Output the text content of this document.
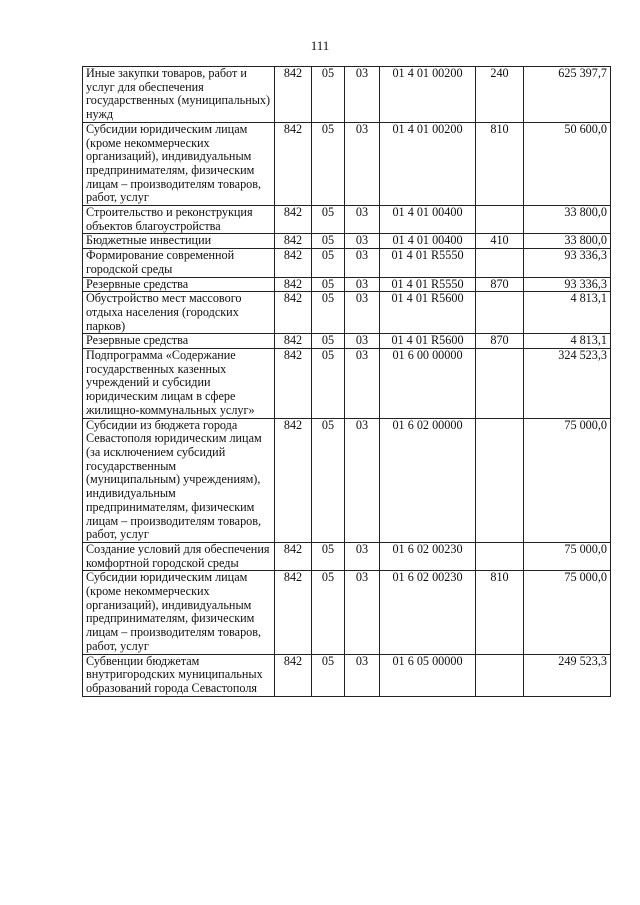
111
Иные закупки товаров, работ и услуг для обеспечения государственных (муниципальных) нужд	842	05	03	01 4 01 00200	240	625 397,7
Субсидии юридическим лицам (кроме некоммерческих организаций), индивидуальным предпринимателям, физическим лицам – производителям товаров, работ, услуг	842	05	03	01 4 01 00200	810	50 600,0
Строительство и реконструкция объектов благоустройства	842	05	03	01 4 01 00400		33 800,0
Бюджетные инвестиции	842	05	03	01 4 01 00400	410	33 800,0
Формирование современной городской среды	842	05	03	01 4 01 R5550		93 336,3
Резервные средства	842	05	03	01 4 01 R5550	870	93 336,3
Обустройство мест массового отдыха населения (городских парков)	842	05	03	01 4 01 R5600		4 813,1
Резервные средства	842	05	03	01 4 01 R5600	870	4 813,1
Подпрограмма «Содержание государственных казенных учреждений и субсидии юридическим лицам в сфере жилищно-коммунальных услуг»	842	05	03	01 6 00 00000		324 523,3
Субсидии из бюджета города Севастополя юридическим лицам (за исключением субсидий государственным (муниципальным) учреждениям), индивидуальным предпринимателям, физическим лицам – производителям товаров, работ, услуг	842	05	03	01 6 02 00000		75 000,0
Создание условий для обеспечения комфортной городской среды	842	05	03	01 6 02 00230		75 000,0
Субсидии юридическим лицам (кроме некоммерческих организаций), индивидуальным предпринимателям, физическим лицам – производителям товаров, работ, услуг	842	05	03	01 6 02 00230	810	75 000,0
Субвенции бюджетам внутригородских муниципальных образований города Севастополя	842	05	03	01 6 05 00000		249 523,3
